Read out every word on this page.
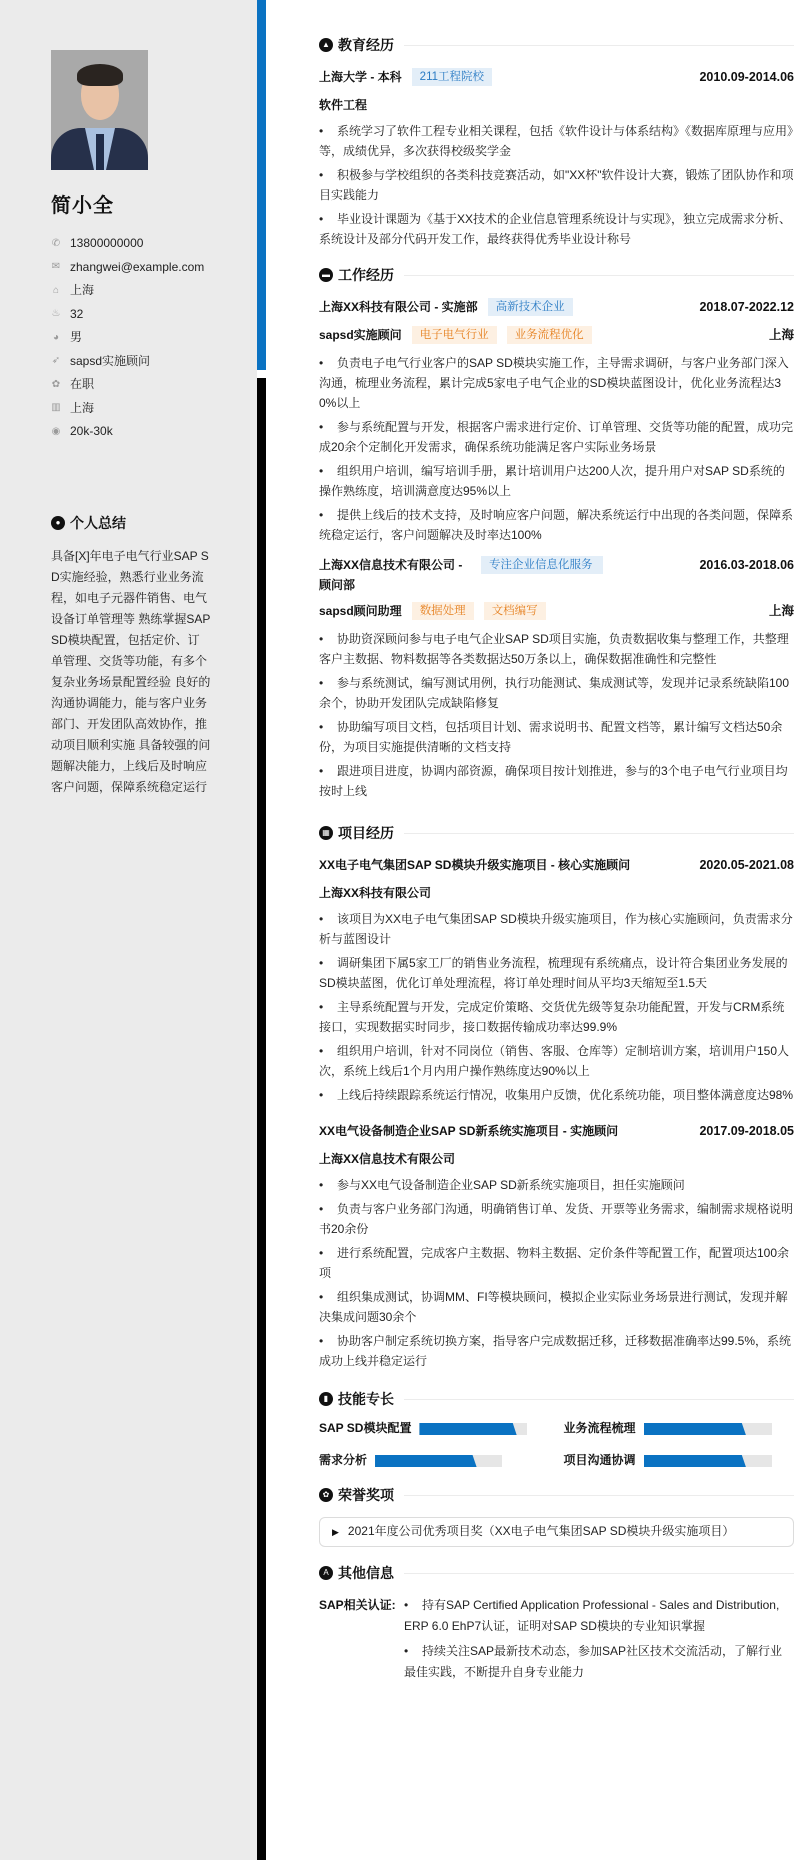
简小全
✆ 13800000000
✉ zhangwei@example.com
⌂ 上海
♨ 32
◕ 男
➶ sapsd实施顾问
✿ 在职
▥ 上海
◉ 20k-30k
● 个人总结

具备[X]年电子电气行业SAP SD实施经验，熟悉行业业务流程，如电子元器件销售、电气设备订单管理等 熟练掌握SAP SD模块配置，包括定价、订单管理、交货等功能，有多个复杂业务场景配置经验 良好的沟通协调能力，能与客户业务部门、开发团队高效协作，推动项目顺利实施 具备较强的问题解决能力，上线后及时响应客户问题，保障系统稳定运行

▲ 教育经历
上海大学 - 本科	211工程院校	2010.09-2014.06
软件工程
• 系统学习了软件工程专业相关课程，包括《软件设计与体系结构》《数据库原理与应用》等，成绩优异，多次获得校级奖学金
• 积极参与学校组织的各类科技竞赛活动，如"XX杯"软件设计大赛，锻炼了团队协作和项目实践能力
• 毕业设计课题为《基于XX技术的企业信息管理系统设计与实现》，独立完成需求分析、系统设计及部分代码开发工作，最终获得优秀毕业设计称号
▬ 工作经历
上海XX科技有限公司 - 实施部	高新技术企业	2018.07-2022.12
sapsd实施顾问	电子电气行业	业务流程优化	上海
• 负责电子电气行业客户的SAP SD模块实施工作，主导需求调研，与客户业务部门深入沟通，梳理业务流程，累计完成5家电子电气企业的SD模块蓝图设计，优化业务流程达30%以上
• 参与系统配置与开发，根据客户需求进行定价、订单管理、交货等功能的配置，成功完成20余个定制化开发需求，确保系统功能满足客户实际业务场景
• 组织用户培训，编写培训手册，累计培训用户达200人次，提升用户对SAP SD系统的操作熟练度，培训满意度达95%以上
• 提供上线后的技术支持，及时响应客户问题，解决系统运行中出现的各类问题，保障系统稳定运行，客户问题解决及时率达100%
上海XX信息技术有限公司 - 顾问部
专注企业信息化服务	2016.03-2018.06
sapsd顾问助理	数据处理	文档编写	上海
• 协助资深顾问参与电子电气企业SAP SD项目实施，负责数据收集与整理工作，共整理客户主数据、物料数据等各类数据达50万条以上，确保数据准确性和完整性
• 参与系统测试，编写测试用例，执行功能测试、集成测试等，发现并记录系统缺陷100余个，协助开发团队完成缺陷修复
• 协助编写项目文档，包括项目计划、需求说明书、配置文档等，累计编写文档达50余份，为项目实施提供清晰的文档支持
• 跟进项目进度，协调内部资源，确保项目按计划推进，参与的3个电子电气行业项目均按时上线
▦ 项目经历
XX电子电气集团SAP SD模块升级实施项目 - 核心实施顾问	2020.05-2021.08
上海XX科技有限公司
• 该项目为XX电子电气集团SAP SD模块升级实施项目，作为核心实施顾问，负责需求分析与蓝图设计
• 调研集团下属5家工厂的销售业务流程，梳理现有系统痛点，设计符合集团业务发展的SD模块蓝图，优化订单处理流程，将订单处理时间从平均3天缩短至1.5天
• 主导系统配置与开发，完成定价策略、交货优先级等复杂功能配置，开发与CRM系统接口，实现数据实时同步，接口数据传输成功率达99.9%
• 组织用户培训，针对不同岗位（销售、客服、仓库等）定制培训方案，培训用户150人次，系统上线后1个月内用户操作熟练度达90%以上
• 上线后持续跟踪系统运行情况，收集用户反馈，优化系统功能，项目整体满意度达98%
XX电气设备制造企业SAP SD新系统实施项目 - 实施顾问	2017.09-2018.05
上海XX信息技术有限公司
• 参与XX电气设备制造企业SAP SD新系统实施项目，担任实施顾问
• 负责与客户业务部门沟通，明确销售订单、发货、开票等业务需求，编制需求规格说明书20余份
• 进行系统配置，完成客户主数据、物料主数据、定价条件等配置工作，配置项达100余项
• 组织集成测试，协调MM、FI等模块顾问，模拟企业实际业务场景进行测试，发现并解决集成问题30余个
• 协助客户制定系统切换方案，指导客户完成数据迁移，迁移数据准确率达99.5%，系统成功上线并稳定运行
▮ 技能专长
SAP SD模块配置	业务流程梳理
需求分析	项目沟通协调
✿ 荣誉奖项
▶ 2021年度公司优秀项目奖（XX电子电气集团SAP SD模块升级实施项目）
A 其他信息
SAP相关认证: • 持有SAP Certified Application Professional - Sales and Distribution, ERP 6.0 EhP7认证，证明对SAP SD模块的专业知识掌握
• 持续关注SAP最新技术动态，参加SAP社区技术交流活动，了解行业最佳实践，不断提升自身专业能力
